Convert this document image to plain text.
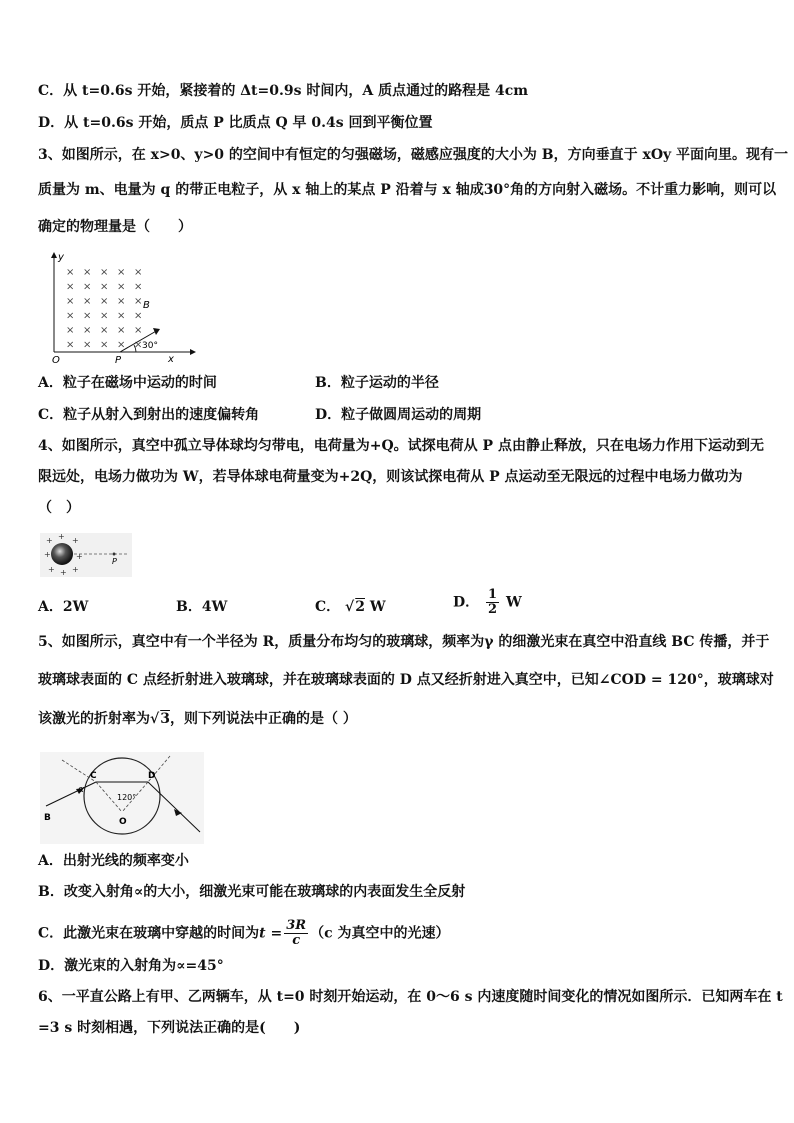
C．从 t=0.6s 开始，紧接着的 Δt=0.9s 时间内，A 质点通过的路程是 4cm
D．从 t=0.6s 开始，质点 P 比质点 Q 早 0.4s 回到平衡位置
3、如图所示，在 x>0、y>0 的空间中有恒定的匀强磁场，磁感应强度的大小为 B，方向垂直于 xOy 平面向里。现有一
质量为 m、电量为 q 的带正电粒子，从 x 轴上的某点 P 沿着与 x 轴成30°角的方向射入磁场。不计重力影响，则可以
确定的物理量是（　　）
× × × × ×
× × × × ×
× × × × ×
× × × × ×
× × × × ×
× × × × ×
y
O	P	x
B
30°
A．粒子在磁场中运动的时间	B．粒子运动的半径
C．粒子从射入到射出的速度偏转角	D．粒子做圆周运动的周期
4、如图所示，真空中孤立导体球均匀带电，电荷量为+Q。试探电荷从 P 点由静止释放，只在电场力作用下运动到无
限远处，电场力做功为 W，若导体球电荷量变为+2Q，则该试探电荷从 P 点运动至无限远的过程中电场力做功为
（　）
+ + +
+	+
+ + +
P
A．2W	B．4W	C． √2 W	D． $\frac{1}{2}$ W
5、如图所示，真空中有一个半径为 R，质量分布均匀的玻璃球，频率为γ 的细激光束在真空中沿直线 BC 传播，并于
玻璃球表面的 C 点经折射进入玻璃球，并在玻璃球表面的 D 点又经折射进入真空中，已知∠COD = 120°，玻璃球对
该激光的折射率为√3，则下列说法中正确的是（ ）
C	D
B	O
α
120°
A．出射光线的频率变小
B．改变入射角∝的大小，细激光束可能在玻璃球的内表面发生全反射
C．此激光束在玻璃中穿越的时间为$t = \frac{3R}{c} (c$ 为真空中的光速）
D．激光束的入射角为∝=45°
6、一平直公路上有甲、乙两辆车，从 t=0 时刻开始运动，在 0～6 s 内速度随时间变化的情况如图所示．已知两车在 t
=3 s 时刻相遇，下列说法正确的是(　　)
